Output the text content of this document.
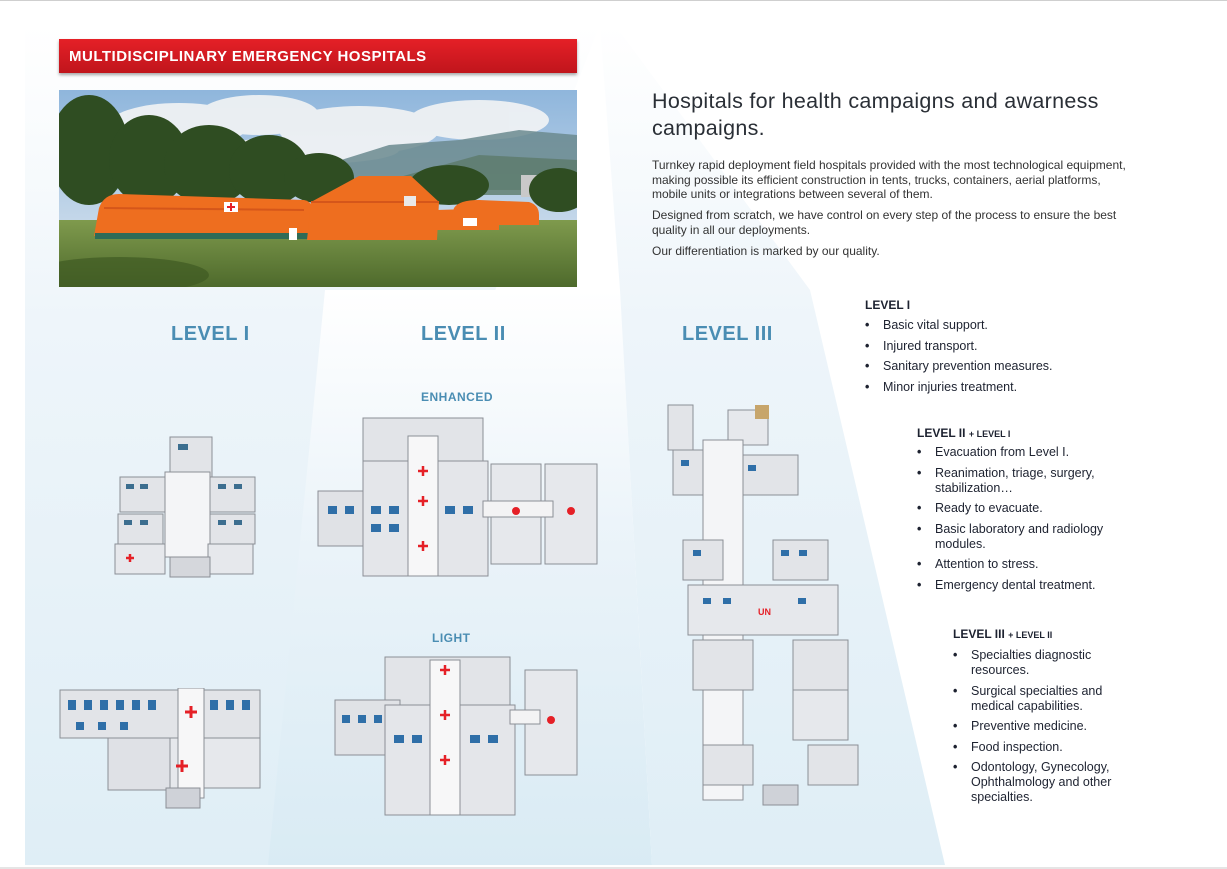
MULTIDISCIPLINARY EMERGENCY HOSPITALS
Hospitals for health campaigns and awarness
campaigns.
Turnkey rapid deployment field hospitals provided with the most technological equipment,
making possible its efficient construction in tents, trucks, containers, aerial platforms,
mobile units or integrations between several of them.
Designed from scratch, we have control on every step of the process to ensure the best
quality in all our deployments.
Our differentiation is marked by our quality.
LEVEL I	LEVEL II	LEVEL III
ENHANCED
LIGHT
UN
LEVEL I
• Basic vital support.
• Injured transport.
• Sanitary prevention measures.
• Minor injuries treatment.
LEVEL II + LEVEL I
• Evacuation from Level I.
• Reanimation, triage, surgery,
stabilization…
• Ready to evacuate.
• Basic laboratory and radiology
modules.
• Attention to stress.
• Emergency dental treatment.
LEVEL III + LEVEL II
• Specialties diagnostic
resources.
• Surgical specialties and
medical capabilities.
• Preventive medicine.
• Food inspection.
• Odontology, Gynecology,
Ophthalmology and other
specialties.
